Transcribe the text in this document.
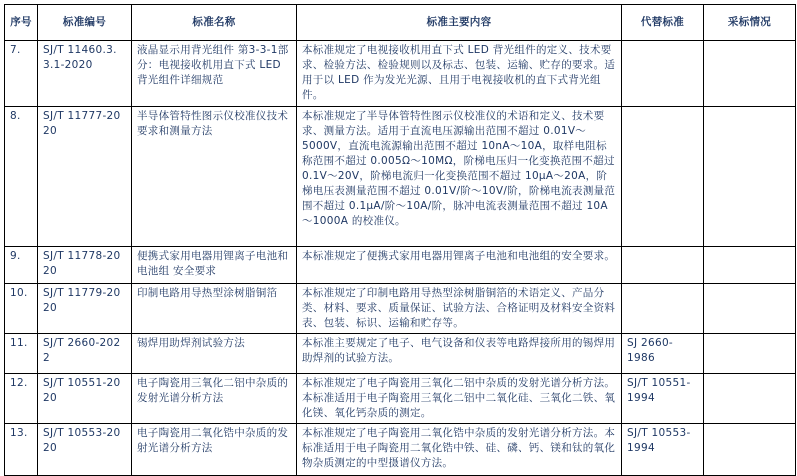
序号	标准编号	标准名称	标准主要内容	代替标准	采标情况
7.	SJ/T 11460.3.3.1-2020	液晶显示用背光组件 第3-3-1部分：电视接收机用直下式 LED 背光组件详细规范	本标准规定了电视接收机用直下式 LED 背光组件的定义、技术要求、检验方法、检验规则以及标志、包装、运输、贮存的要求。适用于以 LED 作为发光光源、且用于电视接收机的直下式背光组件。		
8.	SJ/T 11777-2020	半导体管特性图示仪校准仪技术要求和测量方法	本标准规定了半导体管特性图示仪校准仪的术语和定义、技术要求、测量方法。适用于直流电压源输出范围不超过 0.01V～5000V，直流电流源输出范围不超过 10nA～10A，取样电阻标称范围不超过 0.005Ω～10MΩ，阶梯电压归一化变换范围不超过 0.1V～20V，阶梯电流归一化变换范围不超过 10μA～20A，阶梯电压表测量范围不超过 0.01V/阶～10V/阶，阶梯电流表测量范围不超过 0.1μA/阶～10A/阶，脉冲电流表测量范围不超过 10A～1000A 的校准仪。		
9.	SJ/T 11778-2020	便携式家用电器用锂离子电池和电池组 安全要求	本标准规定了便携式家用电器用锂离子电池和电池组的安全要求。		
10.	SJ/T 11779-2020	印制电路用导热型涂树脂铜箔	本标准规定了印制电路用导热型涂树脂铜箔的术语定义、产品分类、材料、要求、质量保证、试验方法、合格证明及材料安全资料表、包装、标识、运输和贮存等。		
11.	SJ/T 2660-2022	锡焊用助焊剂试验方法	本标准主要规定了电子、电气设备和仪表等电路焊接所用的锡焊用助焊剂的试验方法。	SJ 2660-1986	
12.	SJ/T 10551-2020	电子陶瓷用三氧化二铝中杂质的发射光谱分析方法	本标准规定了电子陶瓷用三氧化二铝中杂质的发射光谱分析方法。本标准适用于电子陶瓷用三氧化二铝中二氧化硅、三氧化二铁、氧化镁、氧化钙杂质的测定。	SJ/T 10551-1994	
13.	SJ/T 10553-2020	电子陶瓷用二氧化锆中杂质的发射光谱分析方法	本标准规定了电子陶瓷用二氧化锆中杂质的发射光谱分析方法。本标准适用于电子陶瓷用二氧化锆中铁、硅、磷、钙、镁和钛的氧化物杂质测定的中型摄谱仪方法。	SJ/T 10553-1994	
